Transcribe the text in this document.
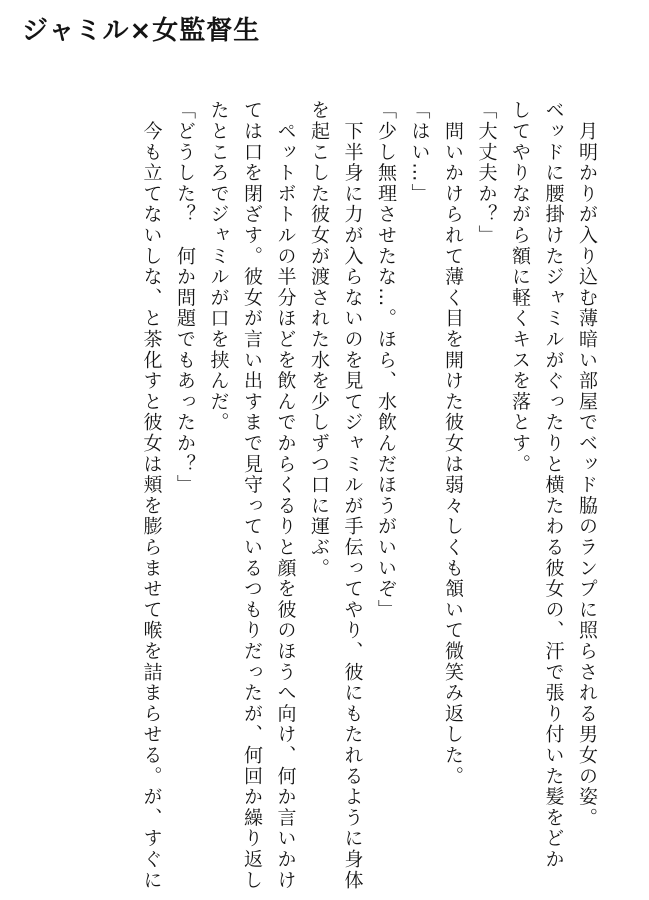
ジャミル×女監督生

　月明かりが入り込む薄暗い部屋でベッド脇のランプに照らされる男女の姿。

ベッドに腰掛けたジャミルがぐったりと横たわる彼女の、汗で張り付いた髪をどか

してやりながら額に軽くキスを落とす。

「大丈夫か？」

　問いかけられて薄く目を開けた彼女は弱々しくも頷いて微笑み返した。

「はい…」

「少し無理させたな…。ほら、水飲んだほうがいいぞ」

　下半身に力が入らないのを見てジャミルが手伝ってやり、彼にもたれるように身体

を起こした彼女が渡された水を少しずつ口に運ぶ。

　ペットボトルの半分ほどを飲んでからくるりと顔を彼のほうへ向け、何か言いかけ

ては口を閉ざす。彼女が言い出すまで見守っているつもりだったが、何回か繰り返し

たところでジャミルが口を挟んだ。

「どうした？　何か問題でもあったか？」

　今も立てないしな、と茶化すと彼女は頬を膨らませて喉を詰まらせる。が、すぐに
